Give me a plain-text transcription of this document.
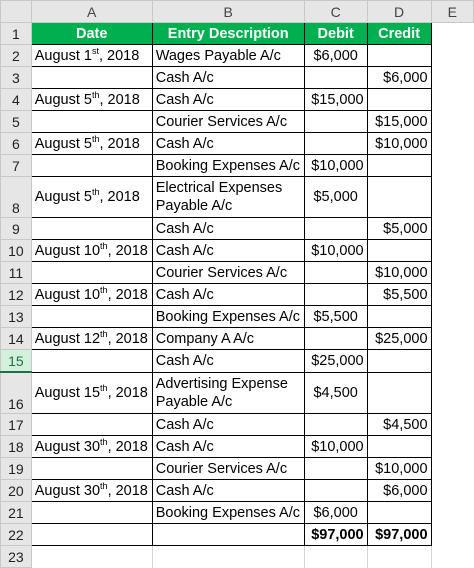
	A	B	C	D	E
1	Date	Entry Description	Debit	Credit	
2	August 1st, 2018	Wages Payable A/c	$6,000		
3		Cash A/c		$6,000	
4	August 5th, 2018	Cash A/c	$15,000		
5		Courier Services A/c		$15,000	
6	August 5th, 2018	Cash A/c		$10,000	
7		Booking Expenses A/c	$10,000		
8	August 5th, 2018	Electrical Expenses Payable A/c	$5,000		
9		Cash A/c		$5,000	
10	August 10th, 2018	Cash A/c	$10,000		
11		Courier Services A/c		$10,000	
12	August 10th, 2018	Cash A/c		$5,500	
13		Booking Expenses A/c	$5,500		
14	August 12th, 2018	Company A A/c		$25,000	
15		Cash A/c	$25,000		
16	August 15th, 2018	Advertising Expense Payable A/c	$4,500		
17		Cash A/c		$4,500	
18	August 30th, 2018	Cash A/c	$10,000		
19		Courier Services A/c		$10,000	
20	August 30th, 2018	Cash A/c		$6,000	
21		Booking Expenses A/c	$6,000		
22			$97,000	$97,000	
23					
